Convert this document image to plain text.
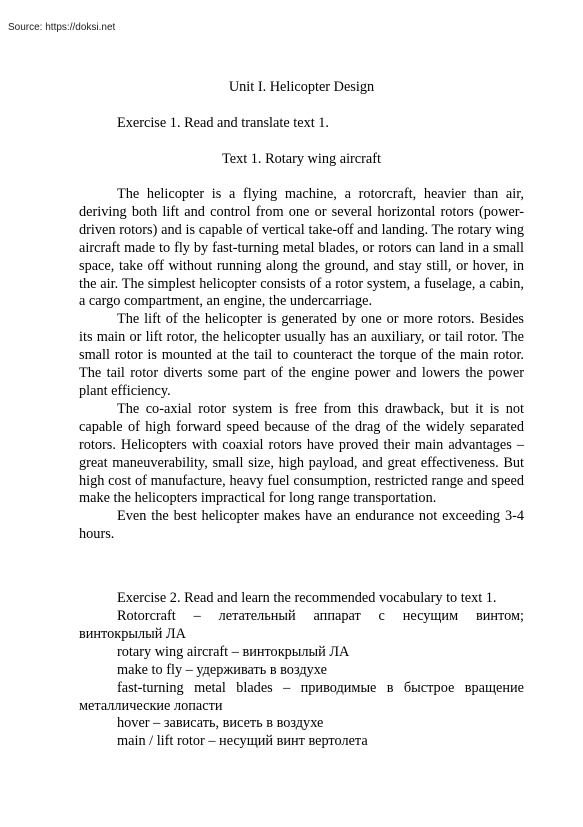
Source: https://doksi.net
Unit I. Helicopter Design
Exercise 1. Read and translate text 1.
Text 1. Rotary wing aircraft

The helicopter is a flying machine, a rotorcraft, heavier than air, deriving both lift and control from one or several horizontal rotors (power-driven rotors) and is capable of vertical take-off and landing. The rotary wing aircraft made to fly by fast-turning metal blades, or rotors can land in a small space, take off without running along the ground, and stay still, or hover, in the air. The simplest helicopter consists of a rotor system, a fuselage, a cabin, a cargo compartment, an engine, the undercarriage.

The lift of the helicopter is generated by one or more rotors. Besides its main or lift rotor, the helicopter usually has an auxiliary, or tail rotor. The small rotor is mounted at the tail to counteract the torque of the main rotor. The tail rotor diverts some part of the engine power and lowers the power plant efficiency.

The co-axial rotor system is free from this drawback, but it is not capable of high forward speed because of the drag of the widely separated rotors. Helicopters with coaxial rotors have proved their main advantages – great maneuverability, small size, high payload, and great effectiveness. But high cost of manufacture, heavy fuel consumption, restricted range and speed make the helicopters impractical for long range transportation.

Even the best helicopter makes have an endurance not exceeding 3-4 hours.

Exercise 2. Read and learn the recommended vocabulary to text 1.

Rotorcraft – летательный аппарат с несущим винтом; винтокрылый ЛА

rotary wing aircraft – винтокрылый ЛА

make to fly – удерживать в воздухе

fast-turning metal blades – приводимые в быстрое вращение металлические лопасти

hover – зависать, висеть в воздухе

main / lift rotor – несущий винт вертолета
